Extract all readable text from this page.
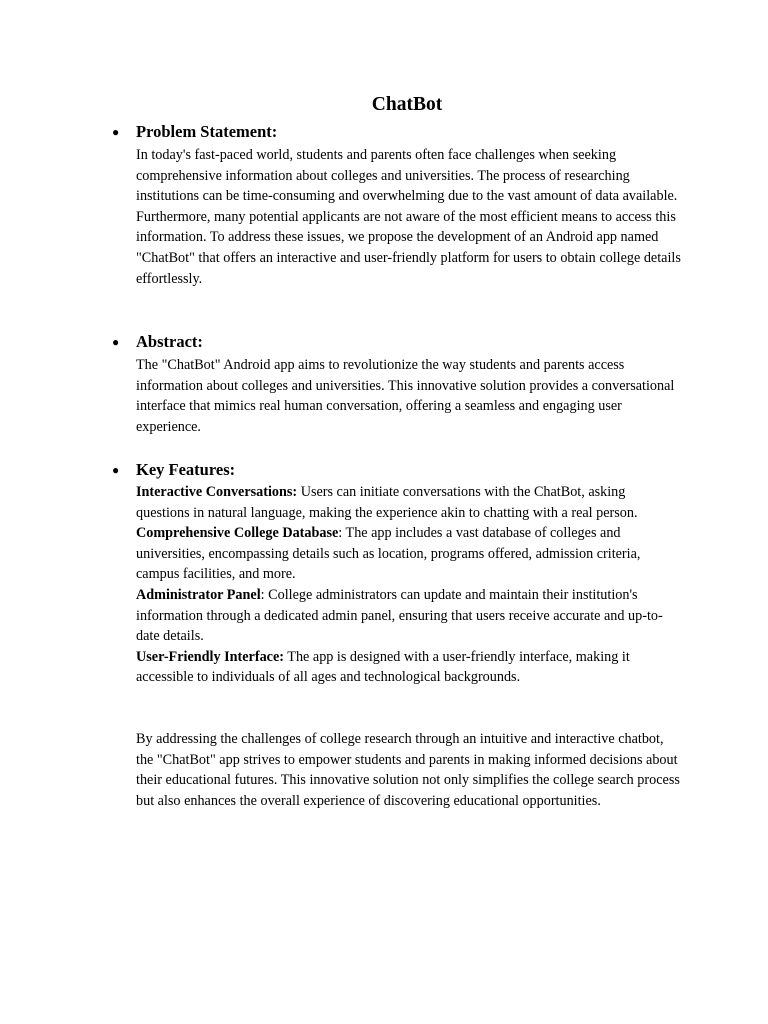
ChatBot
● Problem Statement:

In today's fast-paced world, students and parents often face challenges when seeking comprehensive information about colleges and universities. The process of researching institutions can be time-consuming and overwhelming due to the vast amount of data available. Furthermore, many potential applicants are not aware of the most efficient means to access this information. To address these issues, we propose the development of an Android app named "ChatBot" that offers an interactive and user-friendly platform for users to obtain college details effortlessly.

● Abstract:

The "ChatBot" Android app aims to revolutionize the way students and parents access information about colleges and universities. This innovative solution provides a conversational interface that mimics real human conversation, offering a seamless and engaging user experience.

● Key Features:

Interactive Conversations: Users can initiate conversations with the ChatBot, asking questions in natural language, making the experience akin to chatting with a real person.

Comprehensive College Database: The app includes a vast database of colleges and universities, encompassing details such as location, programs offered, admission criteria, campus facilities, and more.

Administrator Panel: College administrators can update and maintain their institution's information through a dedicated admin panel, ensuring that users receive accurate and up-to-date details.

User-Friendly Interface: The app is designed with a user-friendly interface, making it accessible to individuals of all ages and technological backgrounds.

By addressing the challenges of college research through an intuitive and interactive chatbot, the "ChatBot" app strives to empower students and parents in making informed decisions about their educational futures. This innovative solution not only simplifies the college search process but also enhances the overall experience of discovering educational opportunities.
